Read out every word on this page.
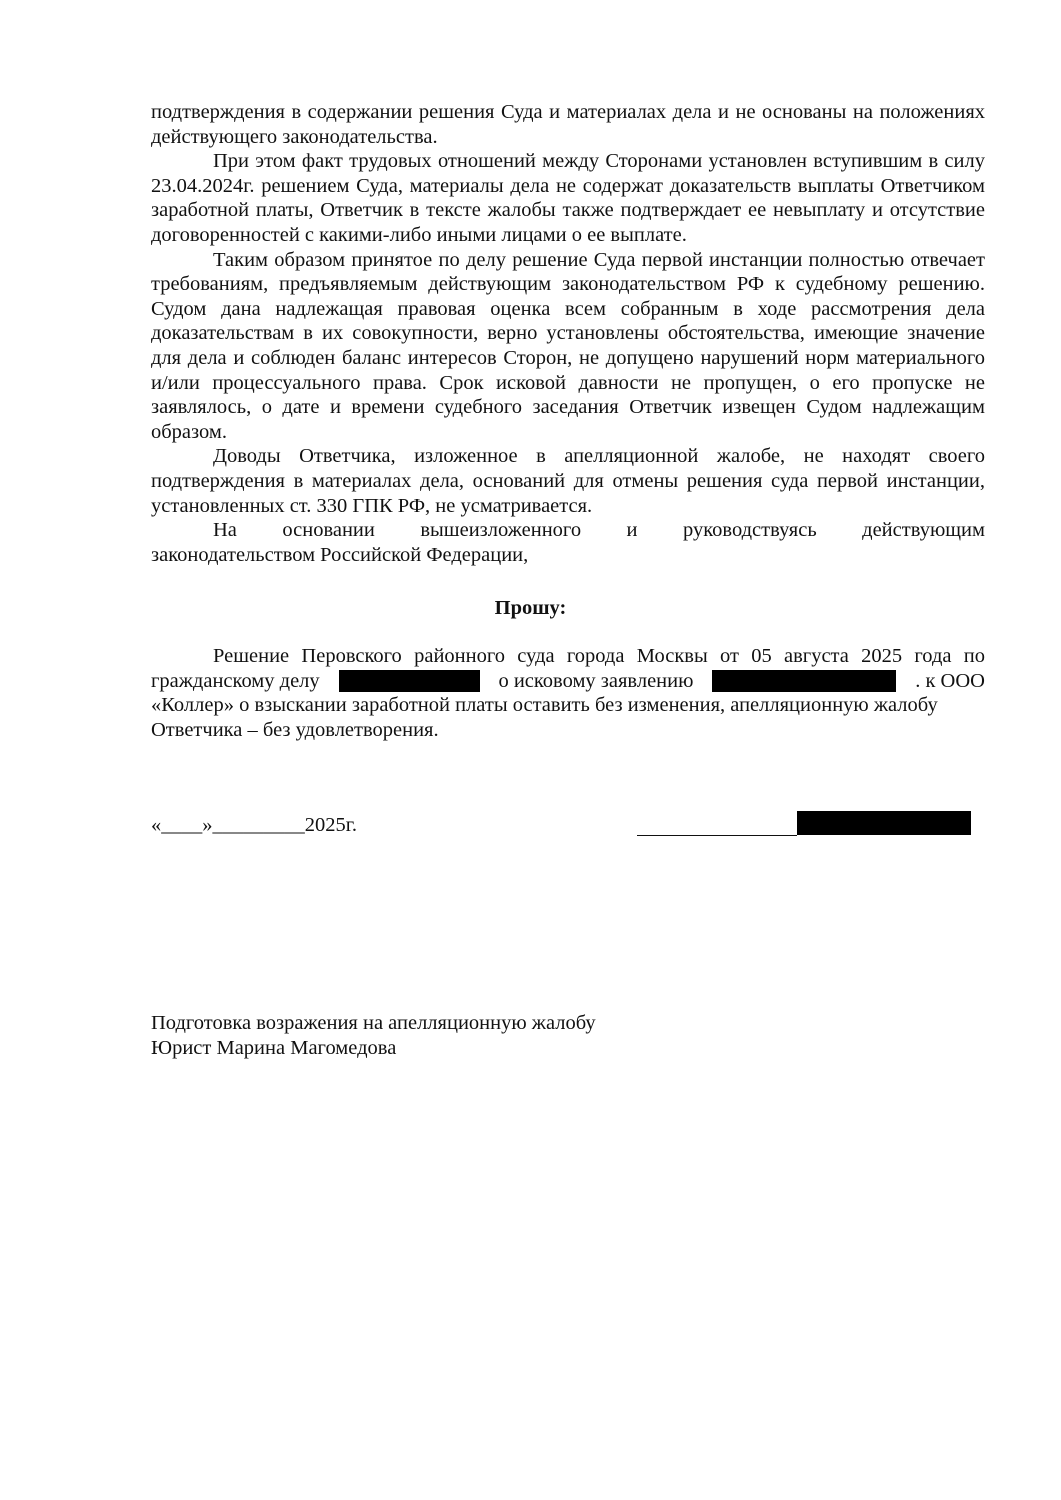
подтверждения в содержании решения Суда и материалах дела и не основаны на положениях действующего законодательства.

При этом факт трудовых отношений между Сторонами установлен вступившим в силу 23.04.2024г. решением Суда, материалы дела не содержат доказательств выплаты Ответчиком заработной платы, Ответчик в тексте жалобы также подтверждает ее невыплату и отсутствие договоренностей с какими-либо иными лицами о ее выплате.

Таким образом принятое по делу решение Суда первой инстанции полностью отвечает требованиям, предъявляемым действующим законодательством РФ к судебному решению. Судом дана надлежащая правовая оценка всем собранным в ходе рассмотрения дела доказательствам в их совокупности, верно установлены обстоятельства, имеющие значение для дела и соблюден баланс интересов Сторон, не допущено нарушений норм материального и/или процессуального права. Срок исковой давности не пропущен, о его пропуске не заявлялось, о дате и времени судебного заседания Ответчик извещен Судом надлежащим образом.

Доводы Ответчика, изложенное в апелляционной жалобе, не находят своего подтверждения в материалах дела, оснований для отмены решения суда первой инстанции, установленных ст. 330 ГПК РФ, не усматривается.

На основании вышеизложенного и руководствуясь действующим
законодательством Российской Федерации,
Прошу:
Решение Перовского районного суда города Москвы от 05 августа 2025 года по
гражданскому делу	о исковому заявлению	. к ООО
«Коллер» о взыскании заработной платы оставить без изменения, апелляционную жалобу
Ответчика – без удовлетворения.
«____»_________2025г.
Подготовка возражения на апелляционную жалобу
Юрист Марина Магомедова
